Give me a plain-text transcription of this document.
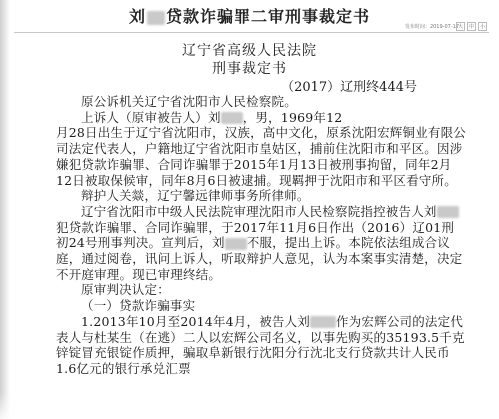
刘 贷款诈骗罪二审刑事裁定书
发布时间：2019-07-17
大	中	小
辽宁省高级人民法院
刑事裁定书
（2017）辽刑终444号

原公诉机关辽宁省沈阳市人民检察院。

上诉人（原审被告人）刘 ，男，1969年12

月28日出生于辽宁省沈阳市，汉族，高中文化，原系沈阳宏辉铜业有限公司法定代表人，户籍地辽宁省沈阳市皇姑区，捕前住沈阳市和平区。因涉嫌犯贷款诈骗罪、合同诈骗罪于2015年1月13日被刑事拘留，同年2月12日被取保候审，同年8月6日被逮捕。现羁押于沈阳市和平区看守所。

辩护人关燚，辽宁馨远律师事务所律师。

辽宁省沈阳市中级人民法院审理沈阳市人民检察院指控被告人刘犯贷款诈骗罪、合同诈骗罪，于2017年11月6日作出（2016）辽01刑初24号刑事判决。宣判后，刘 不服，提出上诉。本院依法组成合议庭，通过阅卷，讯问上诉人，听取辩护人意见，认为本案事实清楚，决定不开庭审理。现已审理终结。

原审判决认定：

（一）贷款诈骗事实

1.2013年10月至2014年4月，被告人刘 作为宏辉公司的法定代表人与杜某生（在逃）二人以宏辉公司名义，以事先购买的35193.5千克锌锭冒充银锭作质押，骗取阜新银行沈阳分行沈北支行贷款共计人民币1.6亿元的银行承兑汇票
